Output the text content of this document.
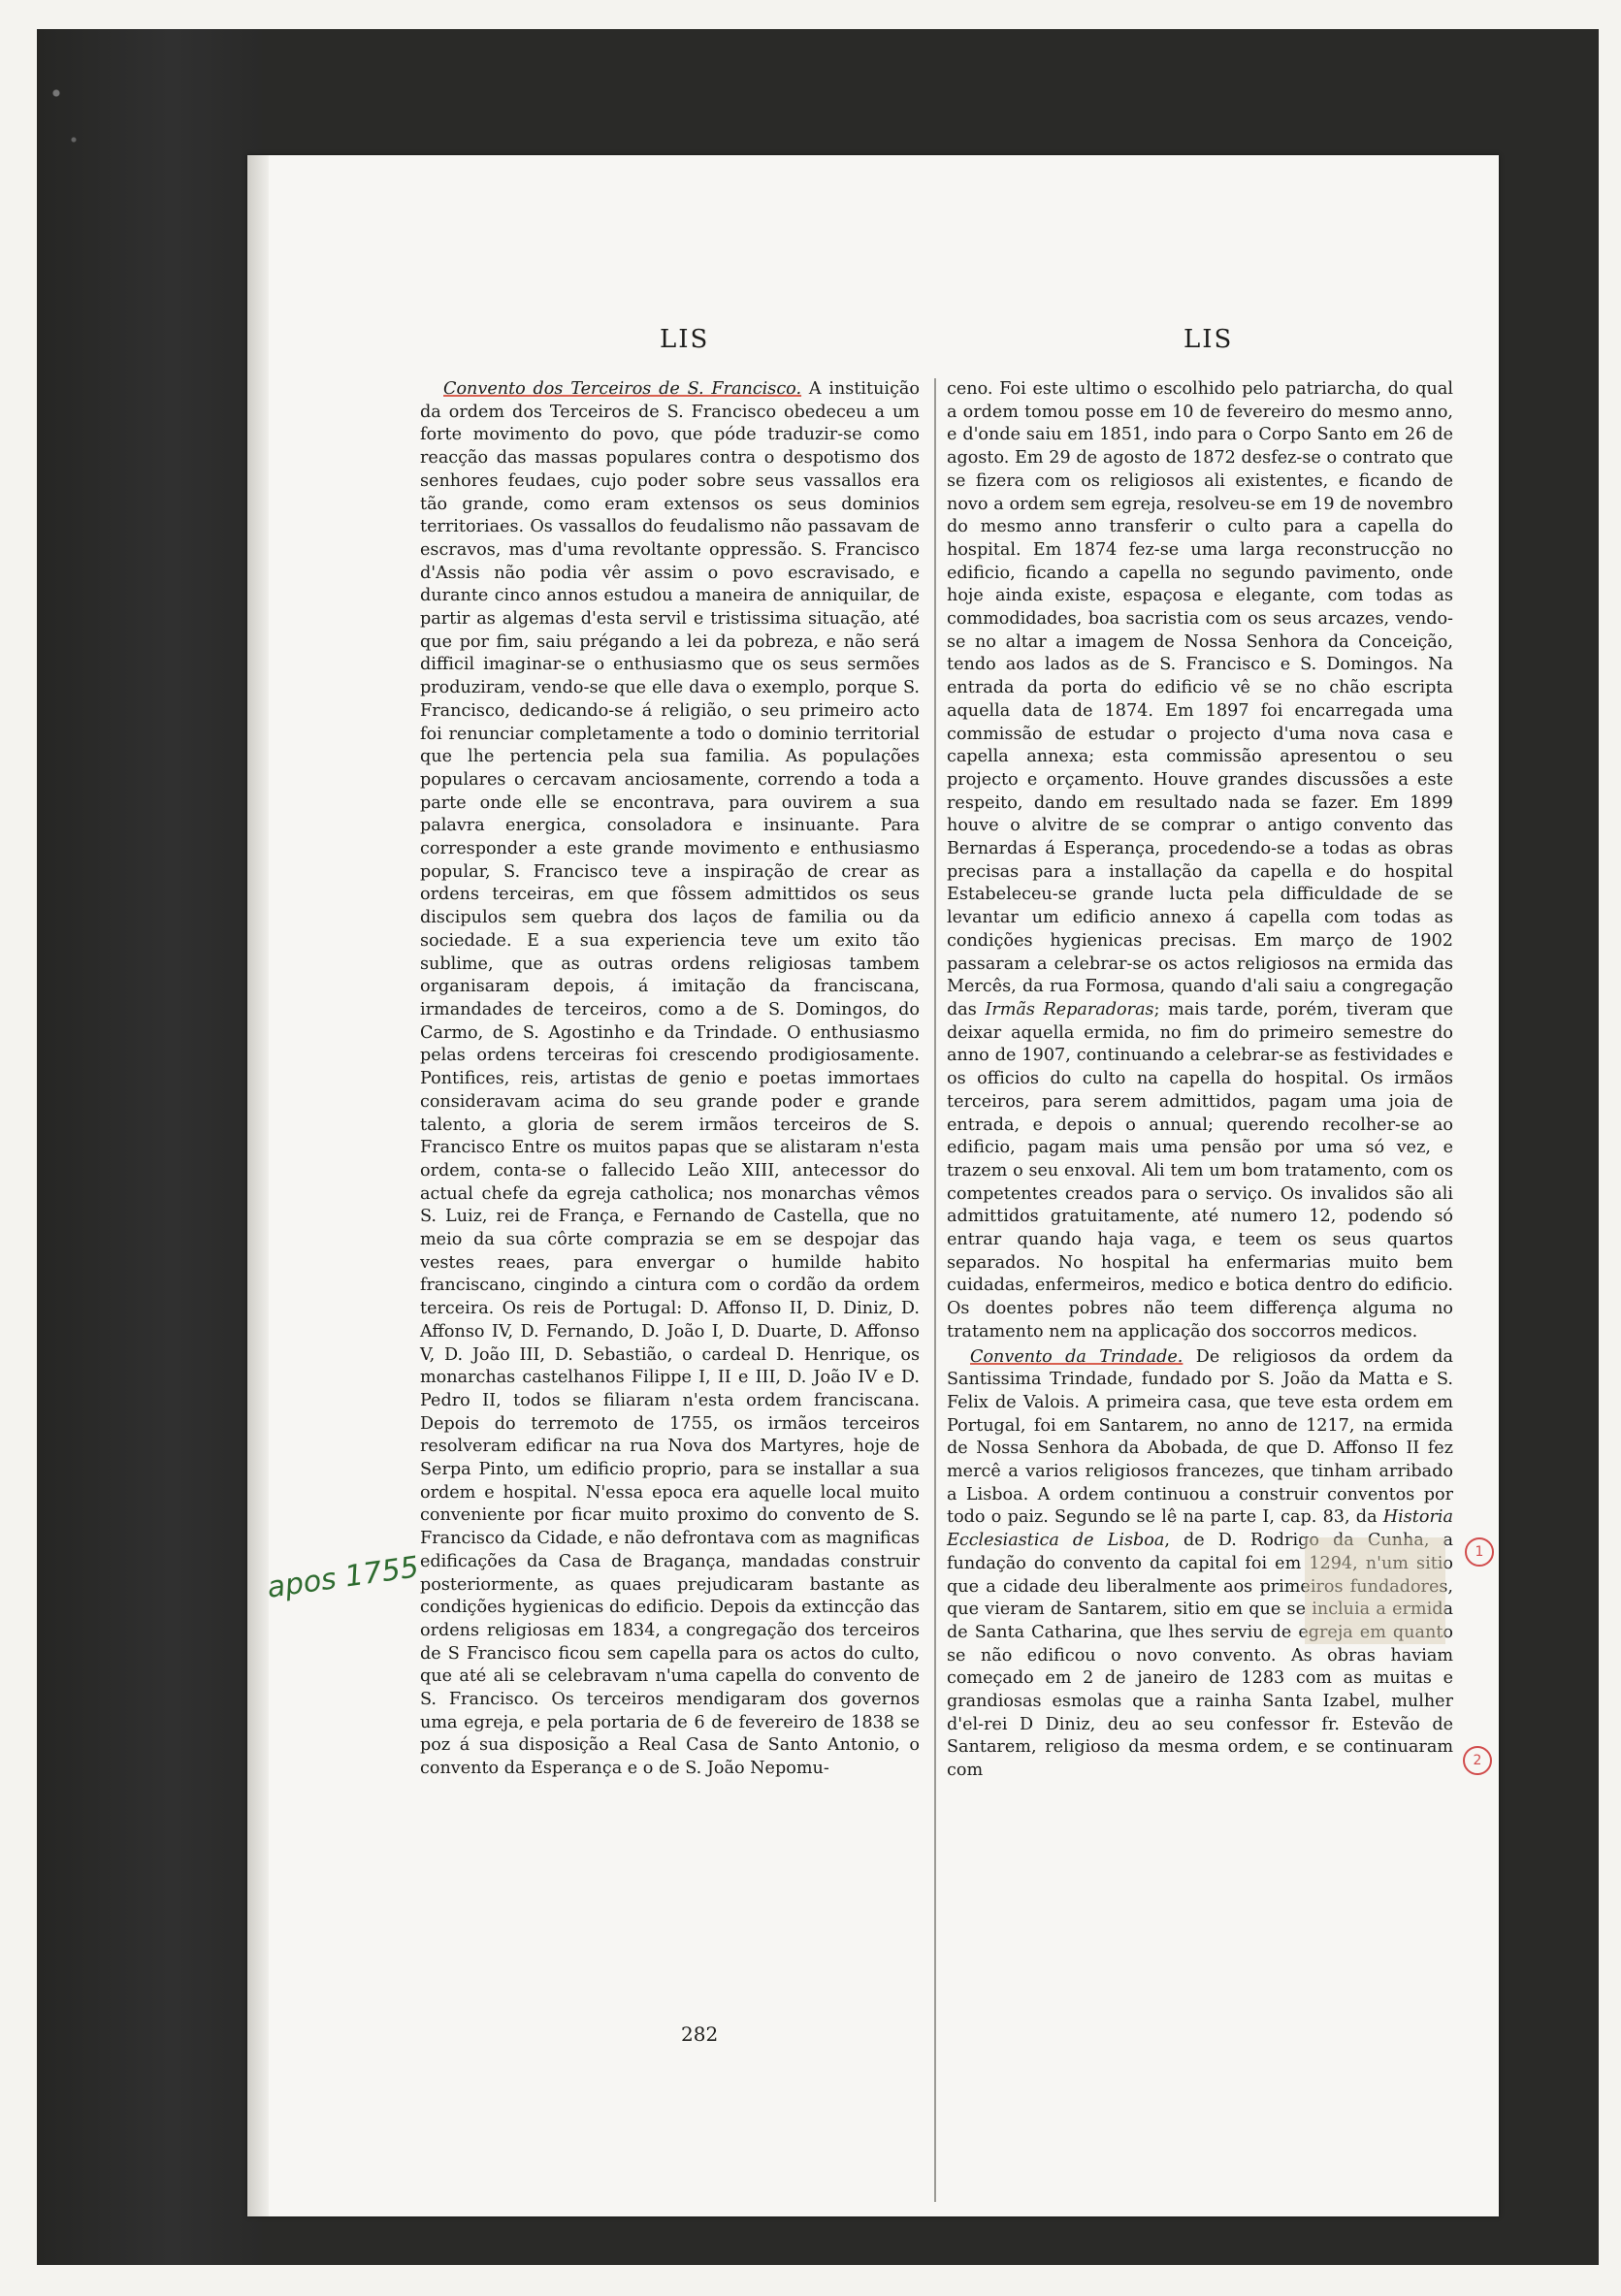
LIS	LIS

Convento dos Terceiros de S. Francisco. A instituição da ordem dos Terceiros de S. Francisco obedeceu a um forte movimento do povo, que póde traduzir-se como reacção das massas populares contra o despotismo dos senhores feudaes, cujo poder sobre seus vassallos era tão grande, como eram extensos os seus dominios territoriaes. Os vassallos do feudalismo não passavam de escravos, mas d'uma revoltante oppressão. S. Francisco d'Assis não podia vêr assim o povo escravisado, e durante cinco annos estudou a maneira de anniquilar, de partir as algemas d'esta servil e tristissima situação, até que por fim, saiu prégando a lei da pobreza, e não será difficil imaginar-se o enthusiasmo que os seus sermões produziram, vendo-se que elle dava o exemplo, porque S. Francisco, dedicando-se á religião, o seu primeiro acto foi renunciar completamente a todo o dominio territorial que lhe pertencia pela sua familia. As populações populares o cercavam anciosamente, correndo a toda a parte onde elle se encontrava, para ouvirem a sua palavra energica, consoladora e insinuante. Para corresponder a este grande movimento e enthusiasmo popular, S. Francisco teve a inspiração de crear as ordens terceiras, em que fôssem admittidos os seus discipulos sem quebra dos laços de familia ou da sociedade. E a sua experiencia teve um exito tão sublime, que as outras ordens religiosas tambem organisaram depois, á imitação da franciscana, irmandades de terceiros, como a de S. Domingos, do Carmo, de S. Agostinho e da Trindade. O enthusiasmo pelas ordens terceiras foi crescendo prodigiosamente. Pontifices, reis, artistas de genio e poetas immortaes consideravam acima do seu grande poder e grande talento, a gloria de serem irmãos terceiros de S. Francisco Entre os muitos papas que se alistaram n'esta ordem, conta-se o fallecido Leão XIII, antecessor do actual chefe da egreja catholica; nos monarchas vêmos S. Luiz, rei de França, e Fernando de Castella, que no meio da sua côrte comprazia se em se despojar das vestes reaes, para envergar o humilde habito franciscano, cingindo a cintura com o cordão da ordem terceira. Os reis de Portugal: D. Affonso II, D. Diniz, D. Affonso IV, D. Fernando, D. João I, D. Duarte, D. Affonso V, D. João III, D. Sebastião, o cardeal D. Henrique, os monarchas castelhanos Filippe I, II e III, D. João IV e D. Pedro II, todos se filiaram n'esta ordem franciscana. Depois do terremoto de 1755, os irmãos terceiros resolveram edificar na rua Nova dos Martyres, hoje de Serpa Pinto, um edificio proprio, para se installar a sua ordem e hospital. N'essa epoca era aquelle local muito conveniente por ficar muito proximo do convento de S. Francisco da Cidade, e não defrontava com as magnificas edificações da Casa de Bragança, mandadas construir posteriormente, as quaes prejudicaram bastante as condições hygienicas do edificio. Depois da extincção das ordens religiosas em 1834, a congregação dos terceiros de S Francisco ficou sem capella para os actos do culto, que até ali se celebravam n'uma capella do convento de S. Francisco. Os terceiros mendigaram dos governos uma egreja, e pela portaria de 6 de fevereiro de 1838 se poz á sua disposição a Real Casa de Santo Antonio, o convento da Esperança e o de S. João Nepomu-

ceno. Foi este ultimo o escolhido pelo patriarcha, do qual a ordem tomou posse em 10 de fevereiro do mesmo anno, e d'onde saiu em 1851, indo para o Corpo Santo em 26 de agosto. Em 29 de agosto de 1872 desfez-se o contrato que se fizera com os religiosos ali existentes, e ficando de novo a ordem sem egreja, resolveu-se em 19 de novembro do mesmo anno transferir o culto para a capella do hospital. Em 1874 fez-se uma larga reconstrucção no edificio, ficando a capella no segundo pavimento, onde hoje ainda existe, espaçosa e elegante, com todas as commodidades, boa sacristia com os seus arcazes, vendo-se no altar a imagem de Nossa Senhora da Conceição, tendo aos lados as de S. Francisco e S. Domingos. Na entrada da porta do edificio vê se no chão escripta aquella data de 1874. Em 1897 foi encarregada uma commissão de estudar o projecto d'uma nova casa e capella annexa; esta commissão apresentou o seu projecto e orçamento. Houve grandes discussões a este respeito, dando em resultado nada se fazer. Em 1899 houve o alvitre de se comprar o antigo convento das Bernardas á Esperança, procedendo-se a todas as obras precisas para a installação da capella e do hospital Estabeleceu-se grande lucta pela difficuldade de se levantar um edificio annexo á capella com todas as condições hygienicas precisas. Em março de 1902 passaram a celebrar-se os actos religiosos na ermida das Mercês, da rua Formosa, quando d'ali saiu a congregação das Irmãs Reparadoras; mais tarde, porém, tiveram que deixar aquella ermida, no fim do primeiro semestre do anno de 1907, continuando a celebrar-se as festividades e os officios do culto na capella do hospital. Os irmãos terceiros, para serem admittidos, pagam uma joia de entrada, e depois o annual; querendo recolher-se ao edificio, pagam mais uma pensão por uma só vez, e trazem o seu enxoval. Ali tem um bom tratamento, com os competentes creados para o serviço. Os invalidos são ali admittidos gratuitamente, até numero 12, podendo só entrar quando haja vaga, e teem os seus quartos separados. No hospital ha enfermarias muito bem cuidadas, enfermeiros, medico e botica dentro do edificio. Os doentes pobres não teem differença alguma no tratamento nem na applicação dos soccorros medicos.

Convento da Trindade. De religiosos da ordem da Santissima Trindade, fundado por S. João da Matta e S. Felix de Valois. A primeira casa, que teve esta ordem em Portugal, foi em Santarem, no anno de 1217, na ermida de Nossa Senhora da Abobada, de que D. Affonso II fez mercê a varios religiosos francezes, que tinham arribado a Lisboa. A ordem continuou a construir conventos por todo o paiz. Segundo se lê na parte I, cap. 83, da Historia Ecclesiastica de Lisboa, de D. Rodrigo da Cunha, a fundação do convento da capital foi em 1294, n'um sitio que a cidade deu liberalmente aos primeiros fundadores, que vieram de Santarem, sitio em que se incluia a ermida de Santa Catharina, que lhes serviu de egreja em quanto se não edificou o novo convento. As obras haviam começado em 2 de janeiro de 1283 com as muitas e grandiosas esmolas que a rainha Santa Izabel, mulher d'el-rei D Diniz, deu ao seu confessor fr. Estevão de Santarem, religioso da mesma ordem, e se continuaram com

282
apos 1755	1
2
